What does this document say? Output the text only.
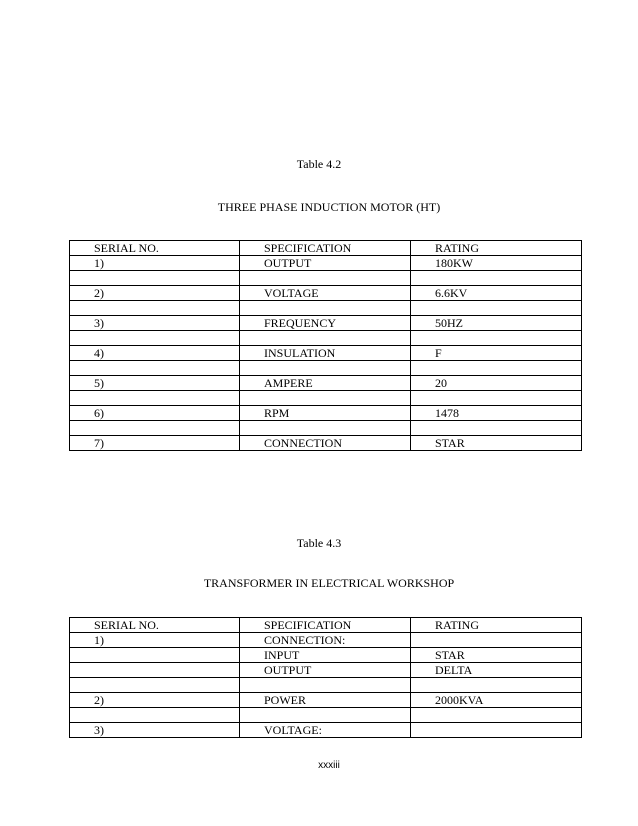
Table 4.2
THREE PHASE INDUCTION MOTOR (HT)
SERIAL NO.	SPECIFICATION	RATING
1)	OUTPUT	180KW

2)	VOLTAGE	6.6KV

3)	FREQUENCY	50HZ

4)	INSULATION	F

5)	AMPERE	20

6)	RPM	1478

7)	CONNECTION	STAR
Table 4.3
TRANSFORMER IN ELECTRICAL WORKSHOP
SERIAL NO.	SPECIFICATION	RATING
1)	CONNECTION:	
	INPUT	STAR
	OUTPUT	DELTA

2)	POWER	2000KVA

3)	VOLTAGE:	
xxxiii
